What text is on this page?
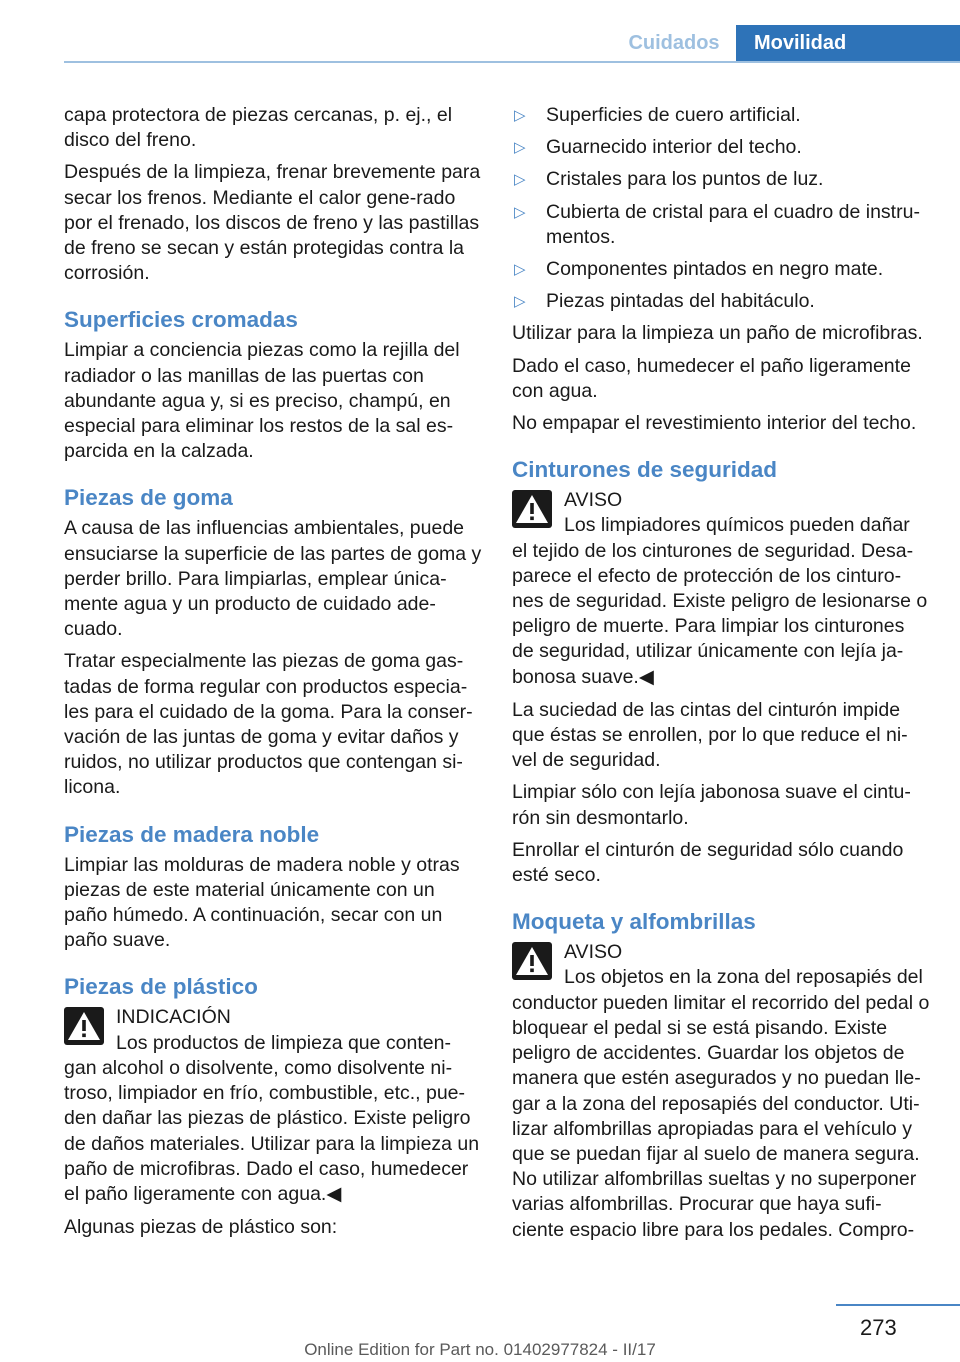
Cuidados	Movilidad
capa protectora de piezas cercanas, p. ej., el disco del freno.
Después de la limpieza, frenar brevemente para secar los frenos. Mediante el calor gene‐rado por el frenado, los discos de freno y las pastillas de freno se secan y están protegidas contra la corrosión.
Superficies cromadas
Limpiar a conciencia piezas como la rejilla del radiador o las manillas de las puertas con abundante agua y, si es preciso, champú, en especial para eliminar los restos de la sal es‐parcida en la calzada.
Piezas de goma
A causa de las influencias ambientales, puede ensuciarse la superficie de las partes de goma y perder brillo. Para limpiarlas, emplear única‐mente agua y un producto de cuidado ade‐cuado.
Tratar especialmente las piezas de goma gas‐tadas de forma regular con productos especia‐les para el cuidado de la goma. Para la conser‐vación de las juntas de goma y evitar daños y ruidos, no utilizar productos que contengan si‐licona.
Piezas de madera noble
Limpiar las molduras de madera noble y otras piezas de este material únicamente con un paño húmedo. A continuación, secar con un paño suave.
Piezas de plástico
INDICACIÓN
Los productos de limpieza que conten‐gan alcohol o disolvente, como disolvente ni‐troso, limpiador en frío, combustible, etc., pue‐den dañar las piezas de plástico. Existe peligro de daños materiales. Utilizar para la limpieza un paño de microfibras. Dado el caso, humedecer el paño ligeramente con agua.◀
Algunas piezas de plástico son:
▷ Superficies de cuero artificial.
▷ Guarnecido interior del techo.
▷ Cristales para los puntos de luz.
▷ Cubierta de cristal para el cuadro de instru‐mentos.
▷ Componentes pintados en negro mate.
▷ Piezas pintadas del habitáculo.
Utilizar para la limpieza un paño de microfibras.
Dado el caso, humedecer el paño ligeramente con agua.
No empapar el revestimiento interior del techo.
Cinturones de seguridad
AVISO
Los limpiadores químicos pueden dañar el tejido de los cinturones de seguridad. Desa‐parece el efecto de protección de los cinturo‐nes de seguridad. Existe peligro de lesionarse o peligro de muerte. Para limpiar los cinturones de seguridad, utilizar únicamente con lejía ja‐bonosa suave.◀
La suciedad de las cintas del cinturón impide que éstas se enrollen, por lo que reduce el ni‐vel de seguridad.
Limpiar sólo con lejía jabonosa suave el cintu‐rón sin desmontarlo.
Enrollar el cinturón de seguridad sólo cuando esté seco.
Moqueta y alfombrillas
AVISO
Los objetos en la zona del reposapiés del conductor pueden limitar el recorrido del pedal o bloquear el pedal si se está pisando. Existe peligro de accidentes. Guardar los objetos de manera que estén asegurados y no puedan lle‐gar a la zona del reposapiés del conductor. Uti‐lizar alfombrillas apropiadas para el vehículo y que se puedan fijar al suelo de manera segura. No utilizar alfombrillas sueltas y no superponer varias alfombrillas. Procurar que haya sufi‐ciente espacio libre para los pedales. Compro‐
273
Online Edition for Part no. 01402977824 - II/17
